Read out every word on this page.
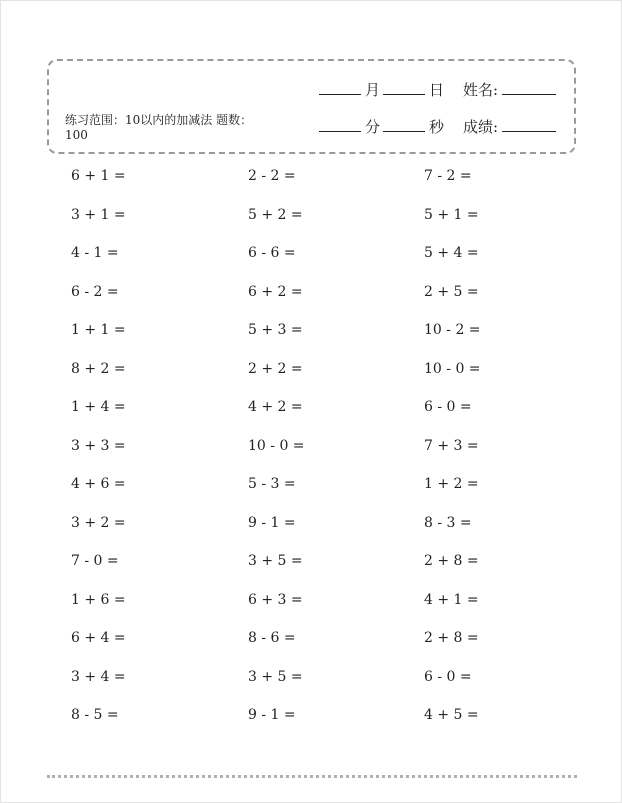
练习范围：10以内的加减法 题数：100
月	日 姓名:
分	秒 成绩:
6 + 1 =	2 - 2 =	7 - 2 =
3 + 1 =	5 + 2 =	5 + 1 =
4 - 1 =	6 - 6 =	5 + 4 =
6 - 2 =	6 + 2 =	2 + 5 =
1 + 1 =	5 + 3 =	10 - 2 =
8 + 2 =	2 + 2 =	10 - 0 =
1 + 4 =	4 + 2 =	6 - 0 =
3 + 3 =	10 - 0 =	7 + 3 =
4 + 6 =	5 - 3 =	1 + 2 =
3 + 2 =	9 - 1 =	8 - 3 =
7 - 0 =	3 + 5 =	2 + 8 =
1 + 6 =	6 + 3 =	4 + 1 =
6 + 4 =	8 - 6 =	2 + 8 =
3 + 4 =	3 + 5 =	6 - 0 =
8 - 5 =	9 - 1 =	4 + 5 =
